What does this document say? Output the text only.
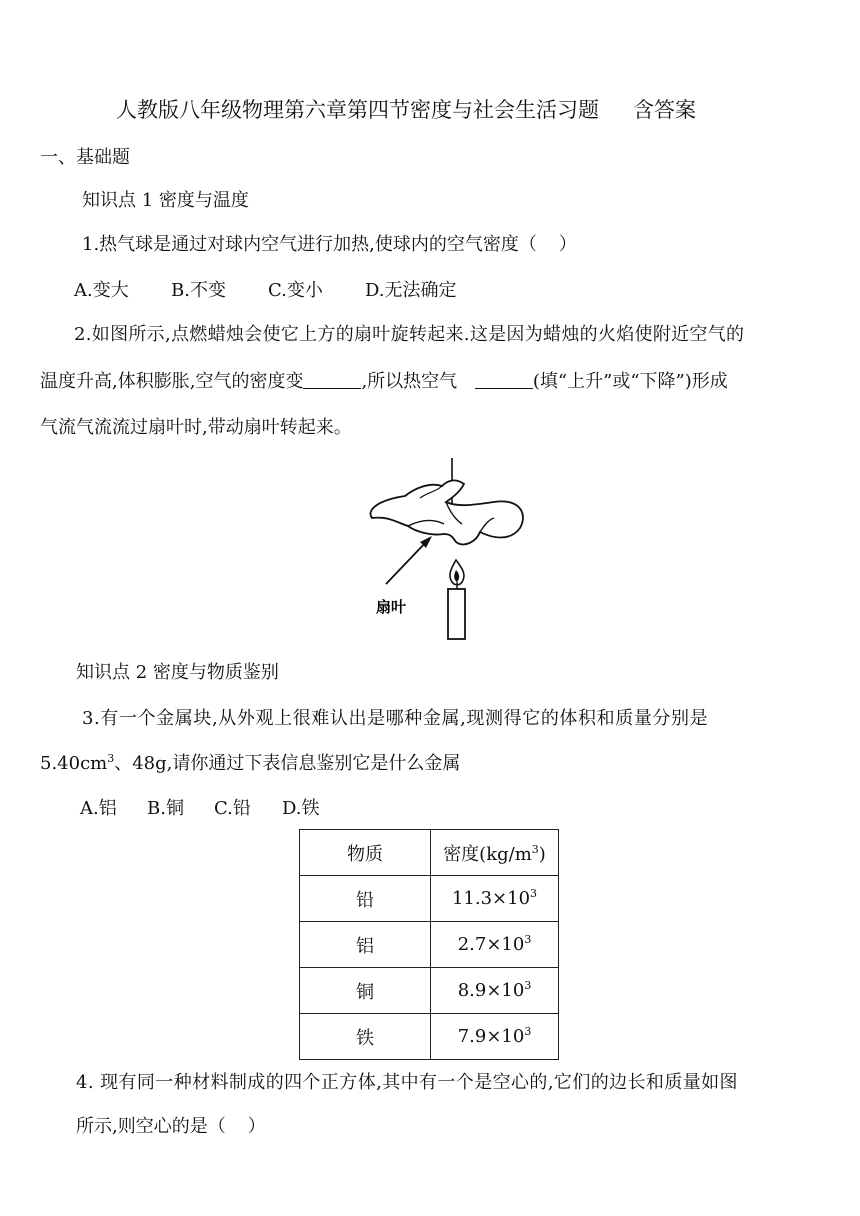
人教版八年级物理第六章第四节密度与社会生活习题 含答案
一、基础题
知识点 1 密度与温度
1.热气球是通过对球内空气进行加热,使球内的空气密度（ ）
A.变大 B.不变 C.变小 D.无法确定
2.如图所示,点燃蜡烛会使它上方的扇叶旋转起来.这是因为蜡烛的火焰使附近空气的
温度升高,体积膨胀,空气的密度变	,所以热空气	(填“上升”或“下降”)形成
气流气流流过扇叶时,带动扇叶转起来。
扇叶
知识点 2 密度与物质鉴别
3.有一个金属块,从外观上很难认出是哪种金属,现测得它的体积和质量分别是
$5.40cm^3$、48g,请你通过下表信息鉴别它是什么金属
A.铝 B.铜 C.铅 D.铁
物质	密度$(kg/m^3)$
铅	$11.3\times 10^3$
铝	$2.7\times 10^3$
铜	$8.9\times 10^3$
铁	$7.9\times 10^3$
4. 现有同一种材料制成的四个正方体,其中有一个是空心的,它们的边长和质量如图
所示,则空心的是（ ）
